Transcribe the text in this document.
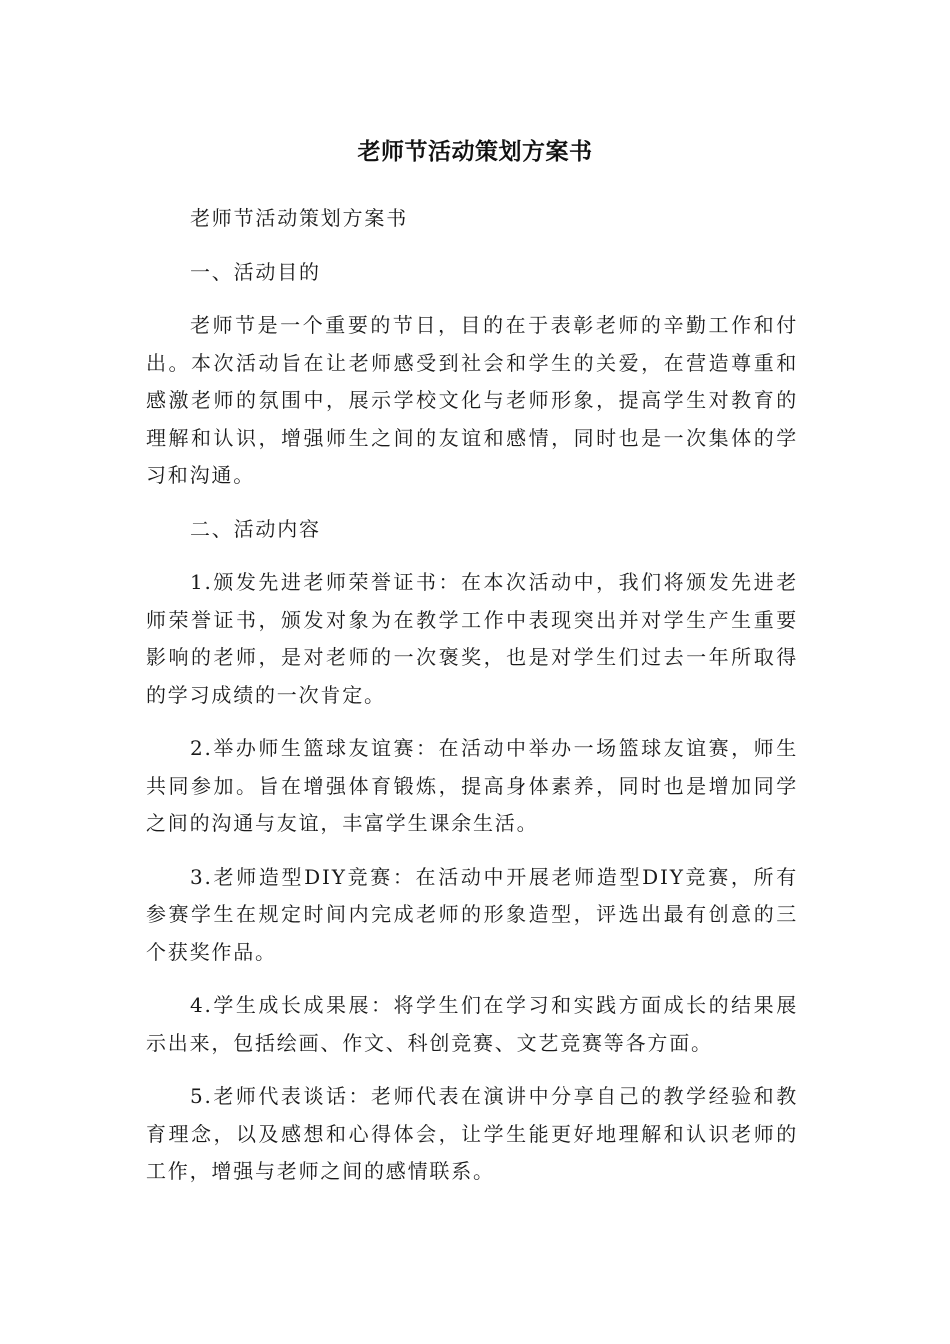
老师节活动策划方案书

老师节活动策划方案书

一、活动目的

老师节是一个重要的节日，目的在于表彰老师的辛勤工作和付出。本次活动旨在让老师感受到社会和学生的关爱，在营造尊重和感激老师的氛围中，展示学校文化与老师形象，提高学生对教育的理解和认识，增强师生之间的友谊和感情，同时也是一次集体的学习和沟通。

二、活动内容

1.颁发先进老师荣誉证书：在本次活动中，我们将颁发先进老师荣誉证书，颁发对象为在教学工作中表现突出并对学生产生重要影响的老师，是对老师的一次褒奖，也是对学生们过去一年所取得的学习成绩的一次肯定。

2.举办师生篮球友谊赛：在活动中举办一场篮球友谊赛，师生共同参加。旨在增强体育锻炼，提高身体素养，同时也是增加同学之间的沟通与友谊，丰富学生课余生活。

3.老师造型DIY竞赛：在活动中开展老师造型DIY竞赛，所有参赛学生在规定时间内完成老师的形象造型，评选出最有创意的三个获奖作品。

4.学生成长成果展：将学生们在学习和实践方面成长的结果展示出来，包括绘画、作文、科创竞赛、文艺竞赛等各方面。

5.老师代表谈话：老师代表在演讲中分享自己的教学经验和教育理念，以及感想和心得体会，让学生能更好地理解和认识老师的工作，增强与老师之间的感情联系。
